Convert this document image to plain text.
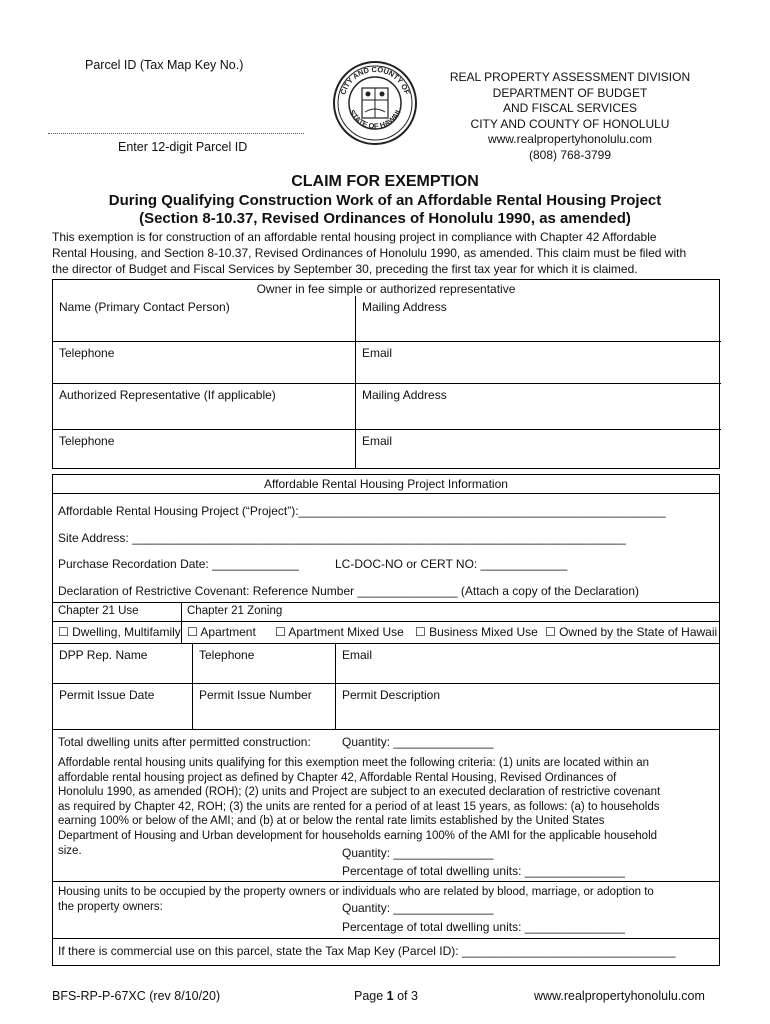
Parcel ID (Tax Map Key No.)
Enter 12-digit Parcel ID
CITY AND COUNTY OF
STATE OF HAWAII
REAL PROPERTY ASSESSMENT DIVISION
DEPARTMENT OF BUDGET
AND FISCAL SERVICES
CITY AND COUNTY OF HONOLULU
www.realpropertyhonolulu.com
(808) 768-3799
CLAIM FOR EXEMPTION
During Qualifying Construction Work of an Affordable Rental Housing Project
(Section 8-10.37, Revised Ordinances of Honolulu 1990, as amended)
This exemption is for construction of an affordable rental housing project in compliance with Chapter 42 Affordable
Rental Housing, and Section 8-10.37, Revised Ordinances of Honolulu 1990, as amended. This claim must be filed with
the director of Budget and Fiscal Services by September 30, preceding the first tax year for which it is claimed.
Owner in fee simple or authorized representative
Name (Primary Contact Person)	Mailing Address
Telephone	Email
Authorized Representative (If applicable)	Mailing Address
Telephone	Email
Affordable Rental Housing Project Information
Affordable Rental Housing Project (“Project”):_______________________________________________________
Site Address: __________________________________________________________________________
Purchase Recordation Date: _____________	LC-DOC-NO or CERT NO: _____________
Declaration of Restrictive Covenant: Reference Number _______________ (Attach a copy of the Declaration)
Chapter 21 Use	Chapter 21 Zoning
☐ Dwelling, Multifamily ☐ Apartment ☐ Apartment Mixed Use ☐ Business Mixed Use ☐ Owned by the State of Hawaii
DPP Rep. Name	Telephone	Email
Permit Issue Date	Permit Issue Number	Permit Description
Total dwelling units after permitted construction:	Quantity: _______________
Affordable rental housing units qualifying for this exemption meet the following criteria: (1) units are located within an
affordable rental housing project as defined by Chapter 42, Affordable Rental Housing, Revised Ordinances of
Honolulu 1990, as amended (ROH); (2) units and Project are subject to an executed declaration of restrictive covenant
as required by Chapter 42, ROH; (3) the units are rented for a period of at least 15 years, as follows: (a) to households
earning 100% or below of the AMI; and (b) at or below the rental rate limits established by the United States
Department of Housing and Urban development for households earning 100% of the AMI for the applicable household
size.	Quantity: _______________
Percentage of total dwelling units: _______________
Housing units to be occupied by the property owners or individuals who are related by blood, marriage, or adoption to
the property owners:	Quantity: _______________
Percentage of total dwelling units: _______________
If there is commercial use on this parcel, state the Tax Map Key (Parcel ID): ________________________________
BFS-RP-P-67XC (rev 8/10/20)	Page 1 of 3	www.realpropertyhonolulu.com
